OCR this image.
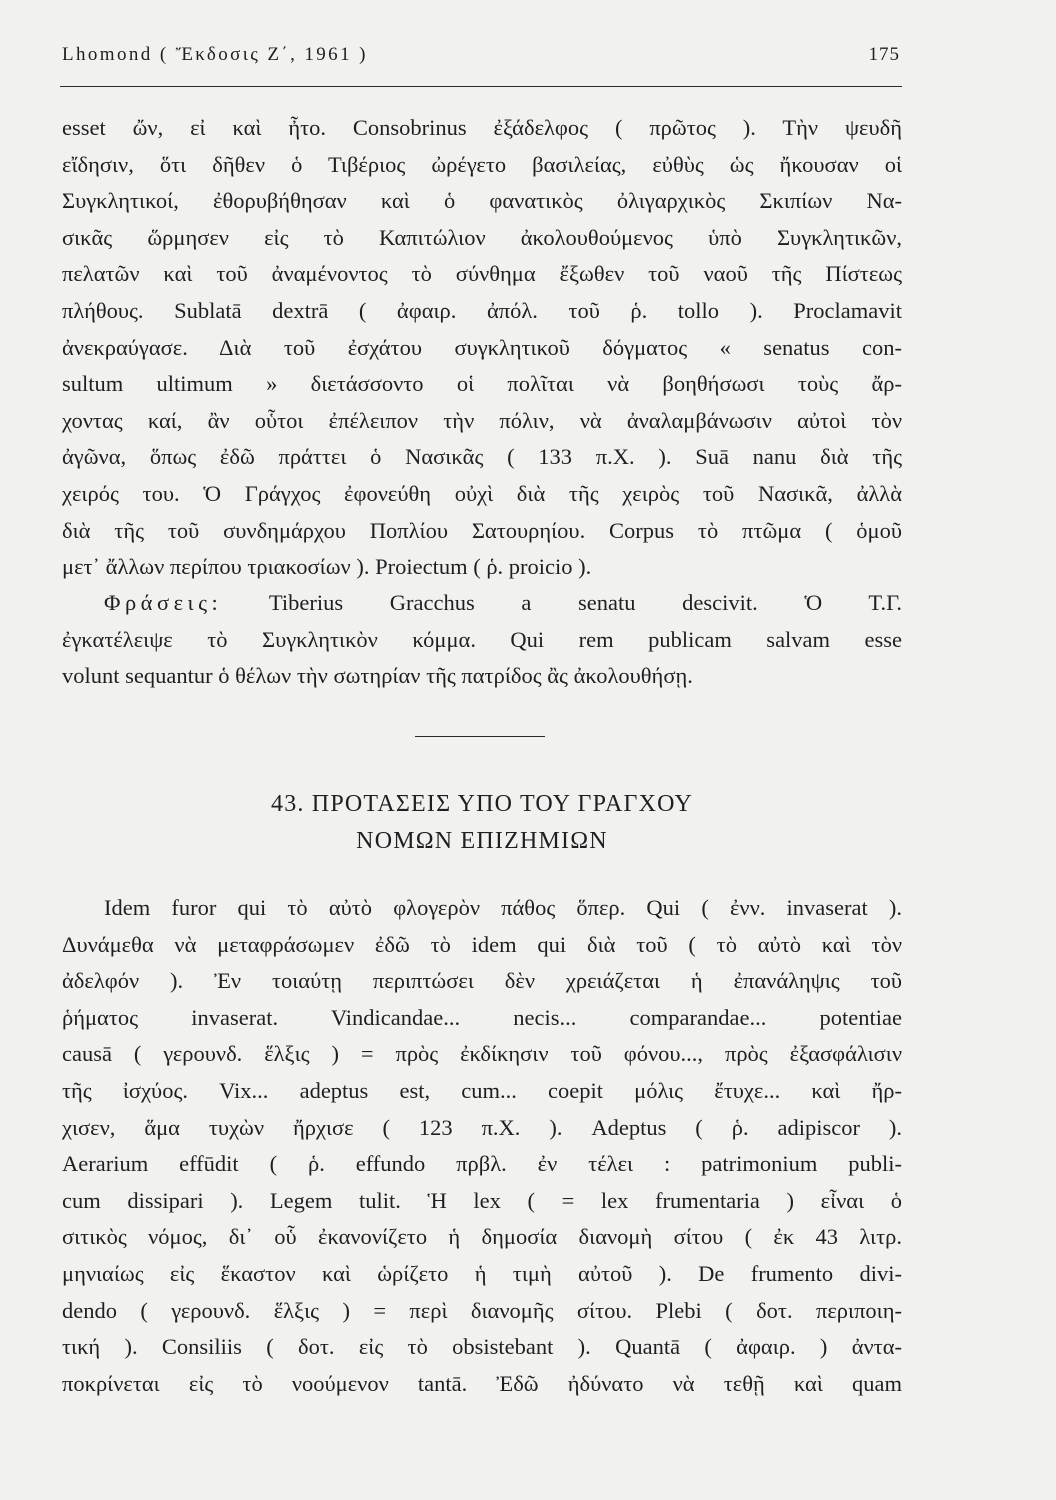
Lhomond ( Ἔκδοσις Ζ΄, 1961 )	175

esset ὤν, εἰ καὶ ἦτο. Consobrinus ἐξάδελφος ( πρῶτος ). Τὴν ψευδῆ

εἴδησιν, ὅτι δῆθεν ὁ Τιβέριος ὠρέγετο βασιλείας, εὐθὺς ὡς ἤκουσαν οἱ

Συγκλητικοί, ἐθορυβήθησαν καὶ ὁ φανατικὸς ὀλιγαρχικὸς Σκιπίων Να-

σικᾶς ὥρμησεν εἰς τὸ Καπιτώλιον ἀκολουθούμενος ὑπὸ Συγκλητικῶν,

πελατῶν καὶ τοῦ ἀναμένοντος τὸ σύνθημα ἔξωθεν τοῦ ναοῦ τῆς Πίστεως

πλήθους. Sublatā dextrā ( ἀφαιρ. ἀπόλ. τοῦ ῥ. tollo ). Proclamavit

ἀνεκραύγασε. Διὰ τοῦ ἐσχάτου συγκλητικοῦ δόγματος « senatus con-

sultum ultimum » διετάσσοντο οἱ πολῖται νὰ βοηθήσωσι τοὺς ἄρ-

χοντας καί, ἂν οὗτοι ἐπέλειπον τὴν πόλιν, νὰ ἀναλαμβάνωσιν αὐτοὶ τὸν

ἀγῶνα, ὅπως ἐδῶ πράττει ὁ Νασικᾶς ( 133 π.Χ. ). Suā nanu διὰ τῆς

χειρός του. Ὁ Γράγχος ἐφονεύθη οὐχὶ διὰ τῆς χειρὸς τοῦ Νασικᾶ, ἀλλὰ

διὰ τῆς τοῦ συνδημάρχου Ποπλίου Σατουρηίου. Corpus τὸ πτῶμα ( ὁμοῦ

μετ᾽ ἄλλων περίπου τριακοσίων ). Proiectum ( ῥ. proicio ).

Φράσεις: Tiberius Gracchus a senatu descivit. Ὁ Τ.Γ.

ἐγκατέλειψε τὸ Συγκλητικὸν κόμμα. Qui rem publicam salvam esse

volunt sequantur ὁ θέλων τὴν σωτηρίαν τῆς πατρίδος ἂς ἀκολουθήσῃ.

43. ΠΡΟΤΑΣΕΙΣ ΥΠΟ ΤΟΥ ΓΡΑΓΧΟΥ
ΝΟΜΩΝ ΕΠΙΖΗΜΙΩΝ

Idem furor qui τὸ αὐτὸ φλογερὸν πάθος ὅπερ. Qui ( ἐνν. invaserat ).

Δυνάμεθα νὰ μεταφράσωμεν ἐδῶ τὸ idem qui διὰ τοῦ ( τὸ αὐτὸ καὶ τὸν

ἀδελφόν ). Ἐν τοιαύτῃ περιπτώσει δὲν χρειάζεται ἡ ἐπανάληψις τοῦ

ῥήματος invaserat. Vindicandae... necis... comparandae... potentiae

causā ( γερουνδ. ἕλξις ) = πρὸς ἐκδίκησιν τοῦ φόνου..., πρὸς ἐξασφάλισιν

τῆς ἰσχύος. Vix... adeptus est, cum... coepit μόλις ἔτυχε... καὶ ἤρ-

χισεν, ἅμα τυχὼν ἤρχισε ( 123 π.Χ. ). Adeptus ( ῥ. adipiscor ).

Aerarium effūdit ( ῥ. effundo πρβλ. ἐν τέλει : patrimonium publi-

cum dissipari ). Legem tulit. Ἡ lex ( = lex frumentaria ) εἶναι ὁ

σιτικὸς νόμος, δι᾽ οὗ ἐκανονίζετο ἡ δημοσία διανομὴ σίτου ( ἐκ 43 λιτρ.

μηνιαίως εἰς ἕκαστον καὶ ὡρίζετο ἡ τιμὴ αὐτοῦ ). De frumento divi-

dendo ( γερουνδ. ἕλξις ) = περὶ διανομῆς σίτου. Plebi ( δοτ. περιποιη-

τική ). Consiliis ( δοτ. εἰς τὸ obsistebant ). Quantā ( ἀφαιρ. ) ἀντα-

ποκρίνεται εἰς τὸ νοούμενον tantā. Ἐδῶ ἠδύνατο νὰ τεθῇ καὶ quam
